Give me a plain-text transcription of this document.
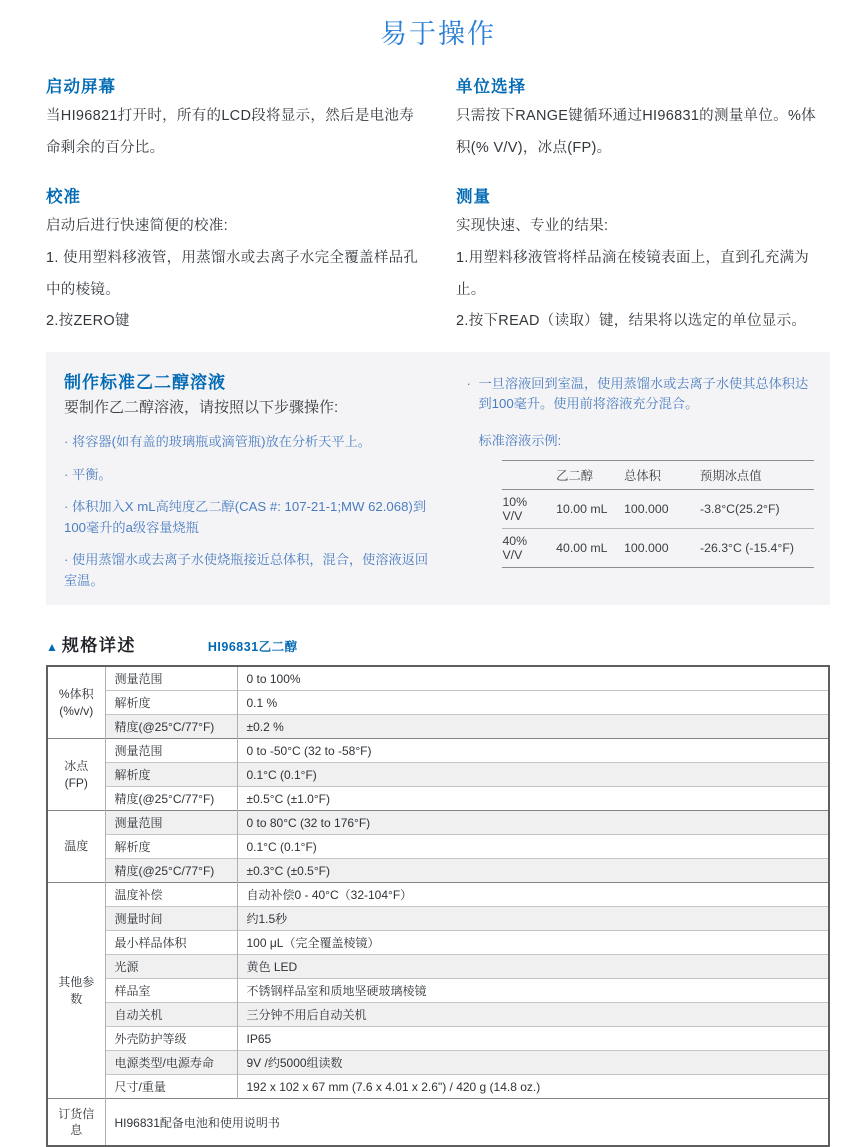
易于操作
启动屏幕

当HI96821打开时，所有的LCD段将显示，然后是电池寿命剩余的百分比。

单位选择

只需按下RANGE键循环通过HI96831的测量单位。%体积(% V/V)，冰点(FP)。

校准

启动后进行快速简便的校准:

1. 使用塑料移液管，用蒸馏水或去离子水完全覆盖样品孔中的棱镜。

2.按ZERO键

测量

实现快速、专业的结果:

1.用塑料移液管将样品滴在棱镜表面上，直到孔充满为止。

2.按下READ（读取）键，结果将以选定的单位显示。

制作标准乙二醇溶液

要制作乙二醇溶液，请按照以下步骤操作:

· 将容器(如有盖的玻璃瓶或滴管瓶)放在分析天平上。

· 平衡。

· 体积加入X mL高纯度乙二醇(CAS #: 107-21-1;MW 62.068)到100毫升的a级容量烧瓶

· 使用蒸馏水或去离子水使烧瓶接近总体积，混合，使溶液返回室温。

· 一旦溶液回到室温，使用蒸馏水或去离子水使其总体积达到100毫升。使用前将溶液充分混合。

标准溶液示例:

	乙二醇	总体积	预期冰点值
10% V/V	10.00 mL	100.000	-3.8°C(25.2°F)
40% V/V	40.00 mL	100.000	-26.3°C (-15.4°F)
▲ 规格详述	HI96831乙二醇
%体积 (%v/v)	测量范围	0 to 100%
	解析度	0.1 %
	精度(@25°C/77°F)	±0.2 %
冰点 (FP)	测量范围	0 to -50°C (32 to -58°F)
	解析度	0.1°C (0.1°F)
	精度(@25°C/77°F)	±0.5°C (±1.0°F)
温度	测量范围	0 to 80°C (32 to 176°F)
	解析度	0.1°C (0.1°F)
	精度(@25°C/77°F)	±0.3°C (±0.5°F)
其他参数	温度补偿	自动补偿0 - 40°C（32-104°F）
	测量时间	约1.5秒
	最小样品体积	100 μL（完全覆盖棱镜）
	光源	黄色 LED
	样品室	不锈钢样品室和质地坚硬玻璃棱镜
	自动关机	三分钟不用后自动关机
	外壳防护等级	IP65
	电源类型/电源寿命	9V /约5000组读数
	尺寸/重量	192 x 102 x 67 mm (7.6 x 4.01 x 2.6") / 420 g (14.8 oz.)
订货信息	HI96831配备电池和使用说明书	
